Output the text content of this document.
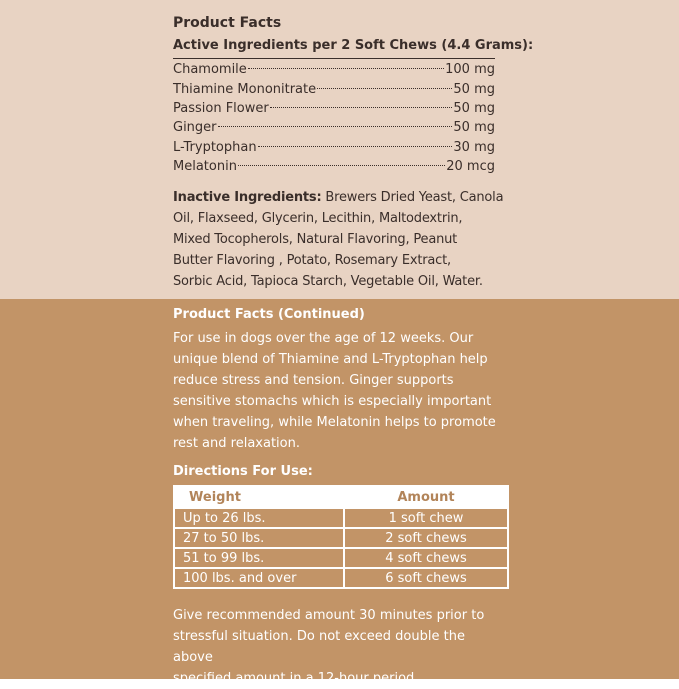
Product Facts
Active Ingredients per 2 Soft Chews (4.4 Grams):
Chamomile	100 mg
Thiamine Mononitrate	50 mg
Passion Flower	50 mg
Ginger	50 mg
L-Tryptophan	30 mg
Melatonin	20 mcg
Inactive Ingredients: Brewers Dried Yeast, Canola
Oil, Flaxseed, Glycerin, Lecithin, Maltodextrin,
Mixed Tocopherols, Natural Flavoring, Peanut
Butter Flavoring , Potato, Rosemary Extract,
Sorbic Acid, Tapioca Starch, Vegetable Oil, Water.
Product Facts (Continued)
For use in dogs over the age of 12 weeks. Our
unique blend of Thiamine and L-Tryptophan help
reduce stress and tension. Ginger supports
sensitive stomachs which is especially important
when traveling, while Melatonin helps to promote
rest and relaxation.
Directions For Use:
Weight	Amount
Up to 26 lbs.	1 soft chew
27 to 50 lbs.	2 soft chews
51 to 99 lbs.	4 soft chews
100 lbs. and over	6 soft chews
Give recommended amount 30 minutes prior to
stressful situation. Do not exceed double the above
specified amount in a 12-hour period.
